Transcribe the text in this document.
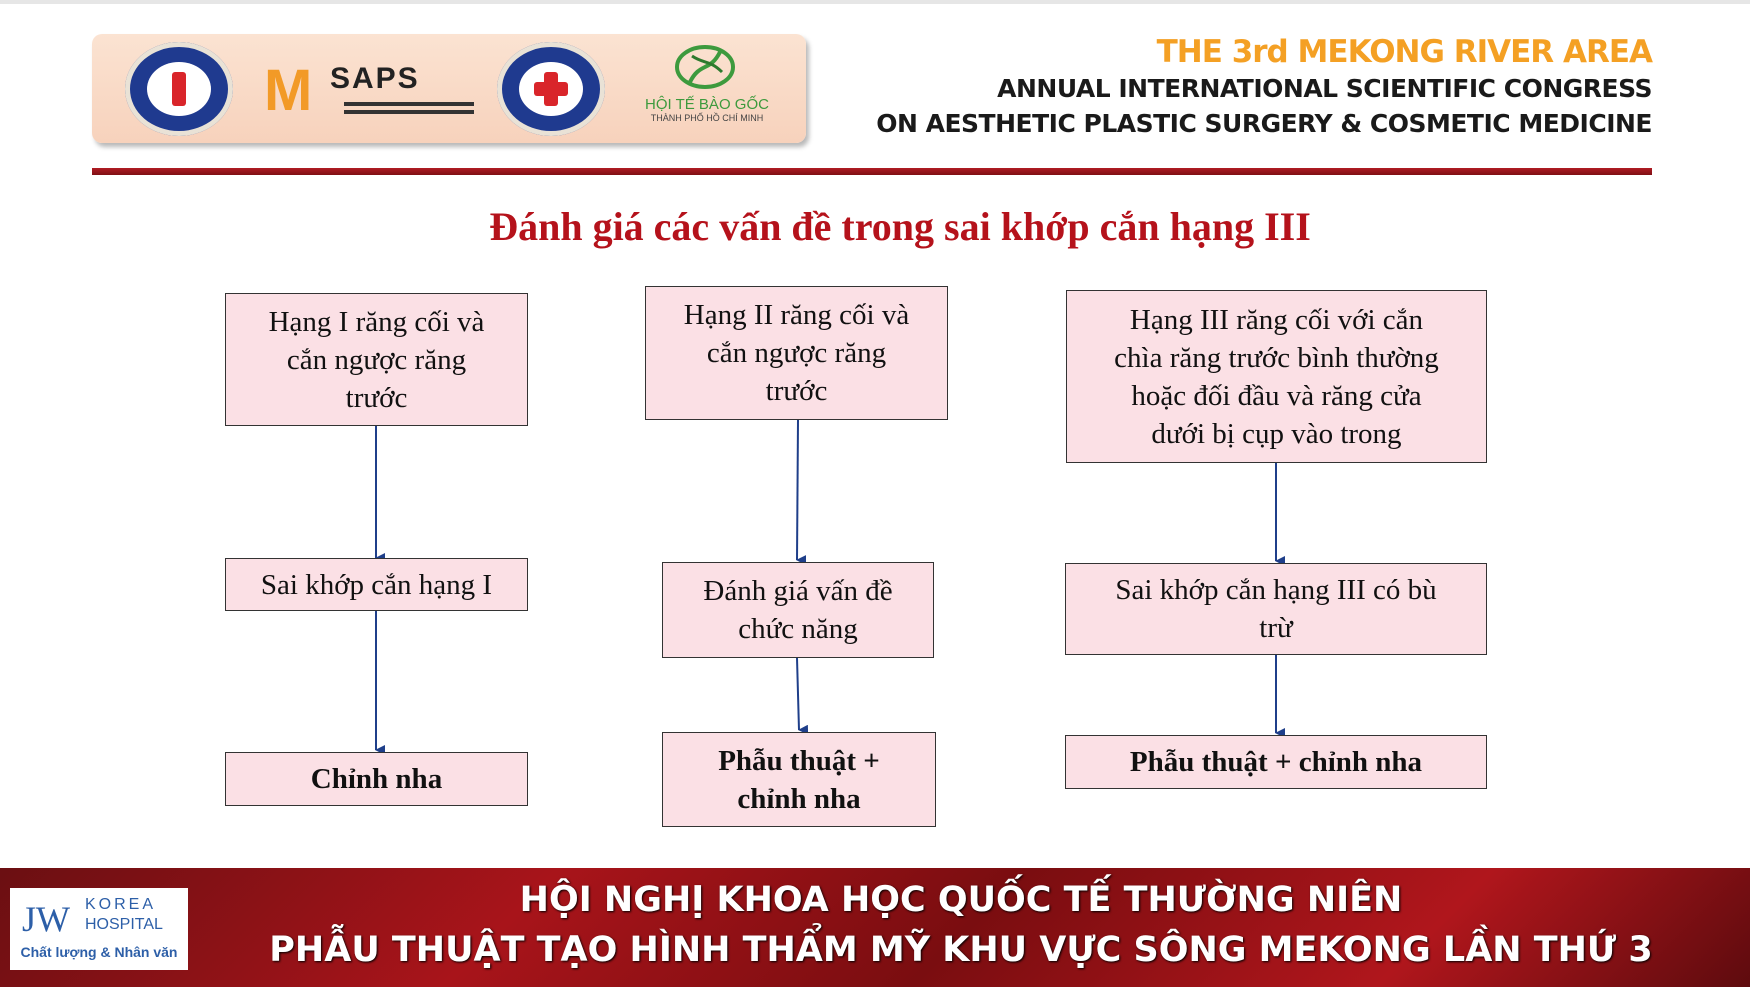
M SAPS
HỘI TẾ BÀO GỐC
THÀNH PHỐ HỒ CHÍ MINH
THE 3rd MEKONG RIVER AREA
ANNUAL INTERNATIONAL SCIENTIFIC CONGRESS
ON AESTHETIC PLASTIC SURGERY & COSMETIC MEDICINE
Đánh giá các vấn đề trong sai khớp cắn hạng III
Hạng I răng cối và
cắn ngược răng
trước
Sai khớp cắn hạng I
Chỉnh nha
Hạng II răng cối và
cắn ngược răng
trước
Đánh giá vấn đề
chức năng
Phẫu thuật +
chỉnh nha
Hạng III răng cối với cắn
chìa răng trước bình thường
hoặc đối đầu và răng cửa
dưới bị cụp vào trong
Sai khớp cắn hạng III có bù
trừ
Phẫu thuật + chỉnh nha
JW KOREA
HOSPITAL
Chất lượng & Nhân văn
HỘI NGHỊ KHOA HỌC QUỐC TẾ THƯỜNG NIÊN
PHẪU THUẬT TẠO HÌNH THẨM MỸ KHU VỰC SÔNG MEKONG LẦN THỨ 3
